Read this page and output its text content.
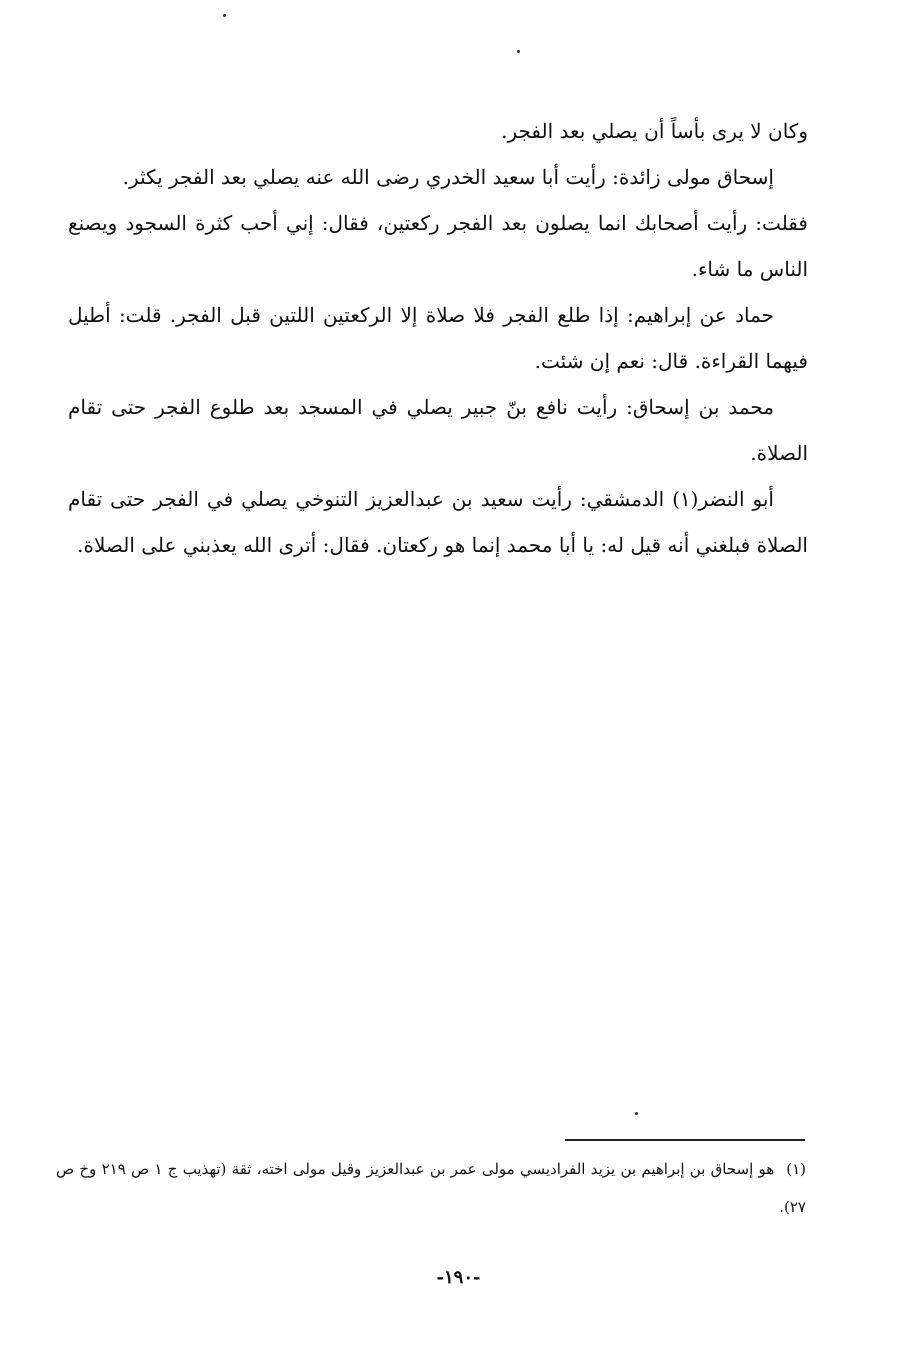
وكان لا يرى بأساً أن يصلي بعد الفجر.

إسحاق مولى زائدة: رأيت أبا سعيد الخدري رضى الله عنه يصلي بعد الفجر يكثر.

فقلت: رأيت أصحابك انما يصلون بعد الفجر ركعتين، فقال: إني أحب كثرة السجود ويصنع الناس ما شاء.

حماد عن إبراهيم: إذا طلع الفجر فلا صلاة إلا الركعتين اللتين قبل الفجر. قلت: أطيل فيهما القراءة. قال: نعم إن شئت.

محمد بن إسحاق: رأيت نافع بنّ جبير يصلي في المسجد بعد طلوع الفجر حتى تقام الصلاة.

أبو النضر(١) الدمشقي: رأيت سعيد بن عبدالعزيز التنوخي يصلي في الفجر حتى تقام الصلاة فبلغني أنه قيل له: يا أبا محمد إنما هو ركعتان. فقال: أترى الله يعذبني على الصلاة.

(١)هو إسحاق بن إبراهيم بن يزيد الفراديسي مولى عمر بن عبدالعزيز وقيل مولى اخته، ثقة (تهذيب ج ١ ص ٢١٩ وخ ص ٢٧).
-١٩٠-
